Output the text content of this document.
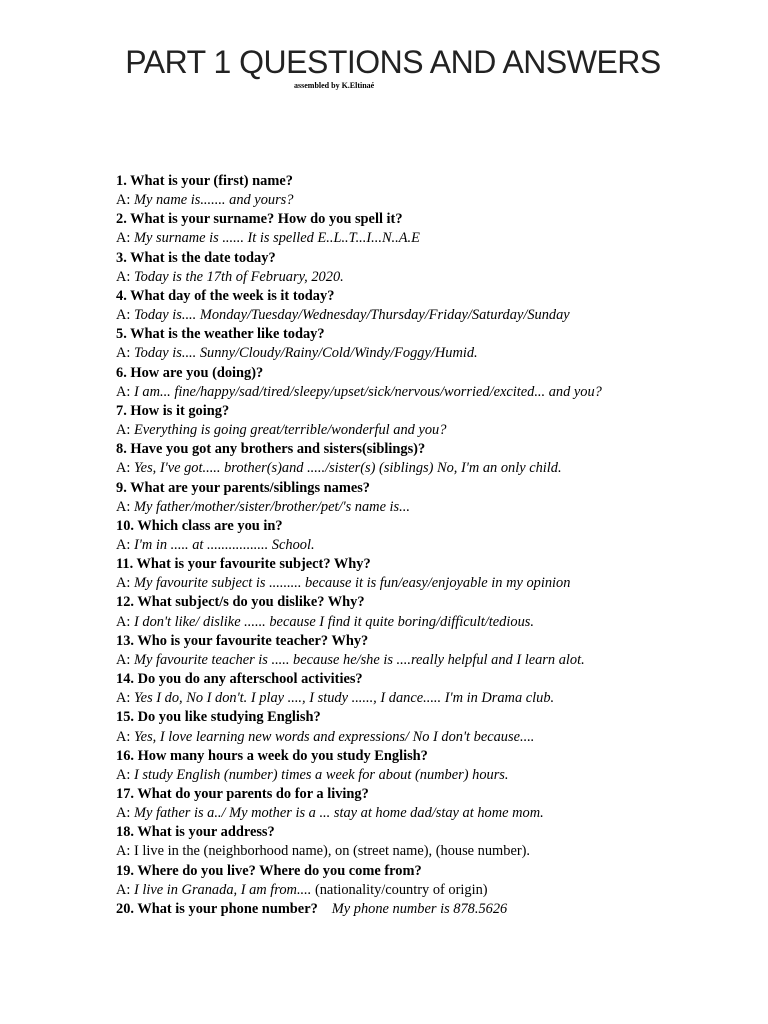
PART 1 QUESTIONS AND ANSWERS
assembled by K.Eltinaé
1. What is your (first) name?
A: My name is....... and yours?
2. What is your surname? How do you spell it?
A: My surname is ...... It is spelled E..L..T...I...N..A.E
3. What is the date today?
A: Today is the 17th of February, 2020.
4. What day of the week is it today?
A: Today is.... Monday/Tuesday/Wednesday/Thursday/Friday/Saturday/Sunday
5. What is the weather like today?
A: Today is.... Sunny/Cloudy/Rainy/Cold/Windy/Foggy/Humid.
6. How are you (doing)?
A: I am... fine/happy/sad/tired/sleepy/upset/sick/nervous/worried/excited... and you?
7. How is it going?
A: Everything is going great/terrible/wonderful and you?
8. Have you got any brothers and sisters(siblings)?
A: Yes, I've got..... brother(s)and ...../sister(s) (siblings) No, I'm an only child.
9. What are your parents/siblings names?
A: My father/mother/sister/brother/pet/'s name is...
10. Which class are you in?
A: I'm in ..... at ................. School.
11. What is your favourite subject? Why?
A: My favourite subject is ......... because it is fun/easy/enjoyable in my opinion
12. What subject/s do you dislike? Why?
A: I don't like/ dislike ...... because I find it quite boring/difficult/tedious.
13. Who is your favourite teacher? Why?
A: My favourite teacher is ..... because he/she is ....really helpful and I learn alot.
14. Do you do any afterschool activities?
A: Yes I do, No I don't. I play ...., I study ......, I dance..... I'm in Drama club.
15. Do you like studying English?
A: Yes, I love learning new words and expressions/ No I don't because....
16. How many hours a week do you study English?
A: I study English (number) times a week for about (number) hours.
17. What do your parents do for a living?
A: My father is a../ My mother is a ... stay at home dad/stay at home mom.
18. What is your address?
A: I live in the (neighborhood name), on (street name), (house number).
19. Where do you live? Where do you come from?
A: I live in Granada, I am from.... (nationality/country of origin)
20. What is your phone number? My phone number is 878.5626
